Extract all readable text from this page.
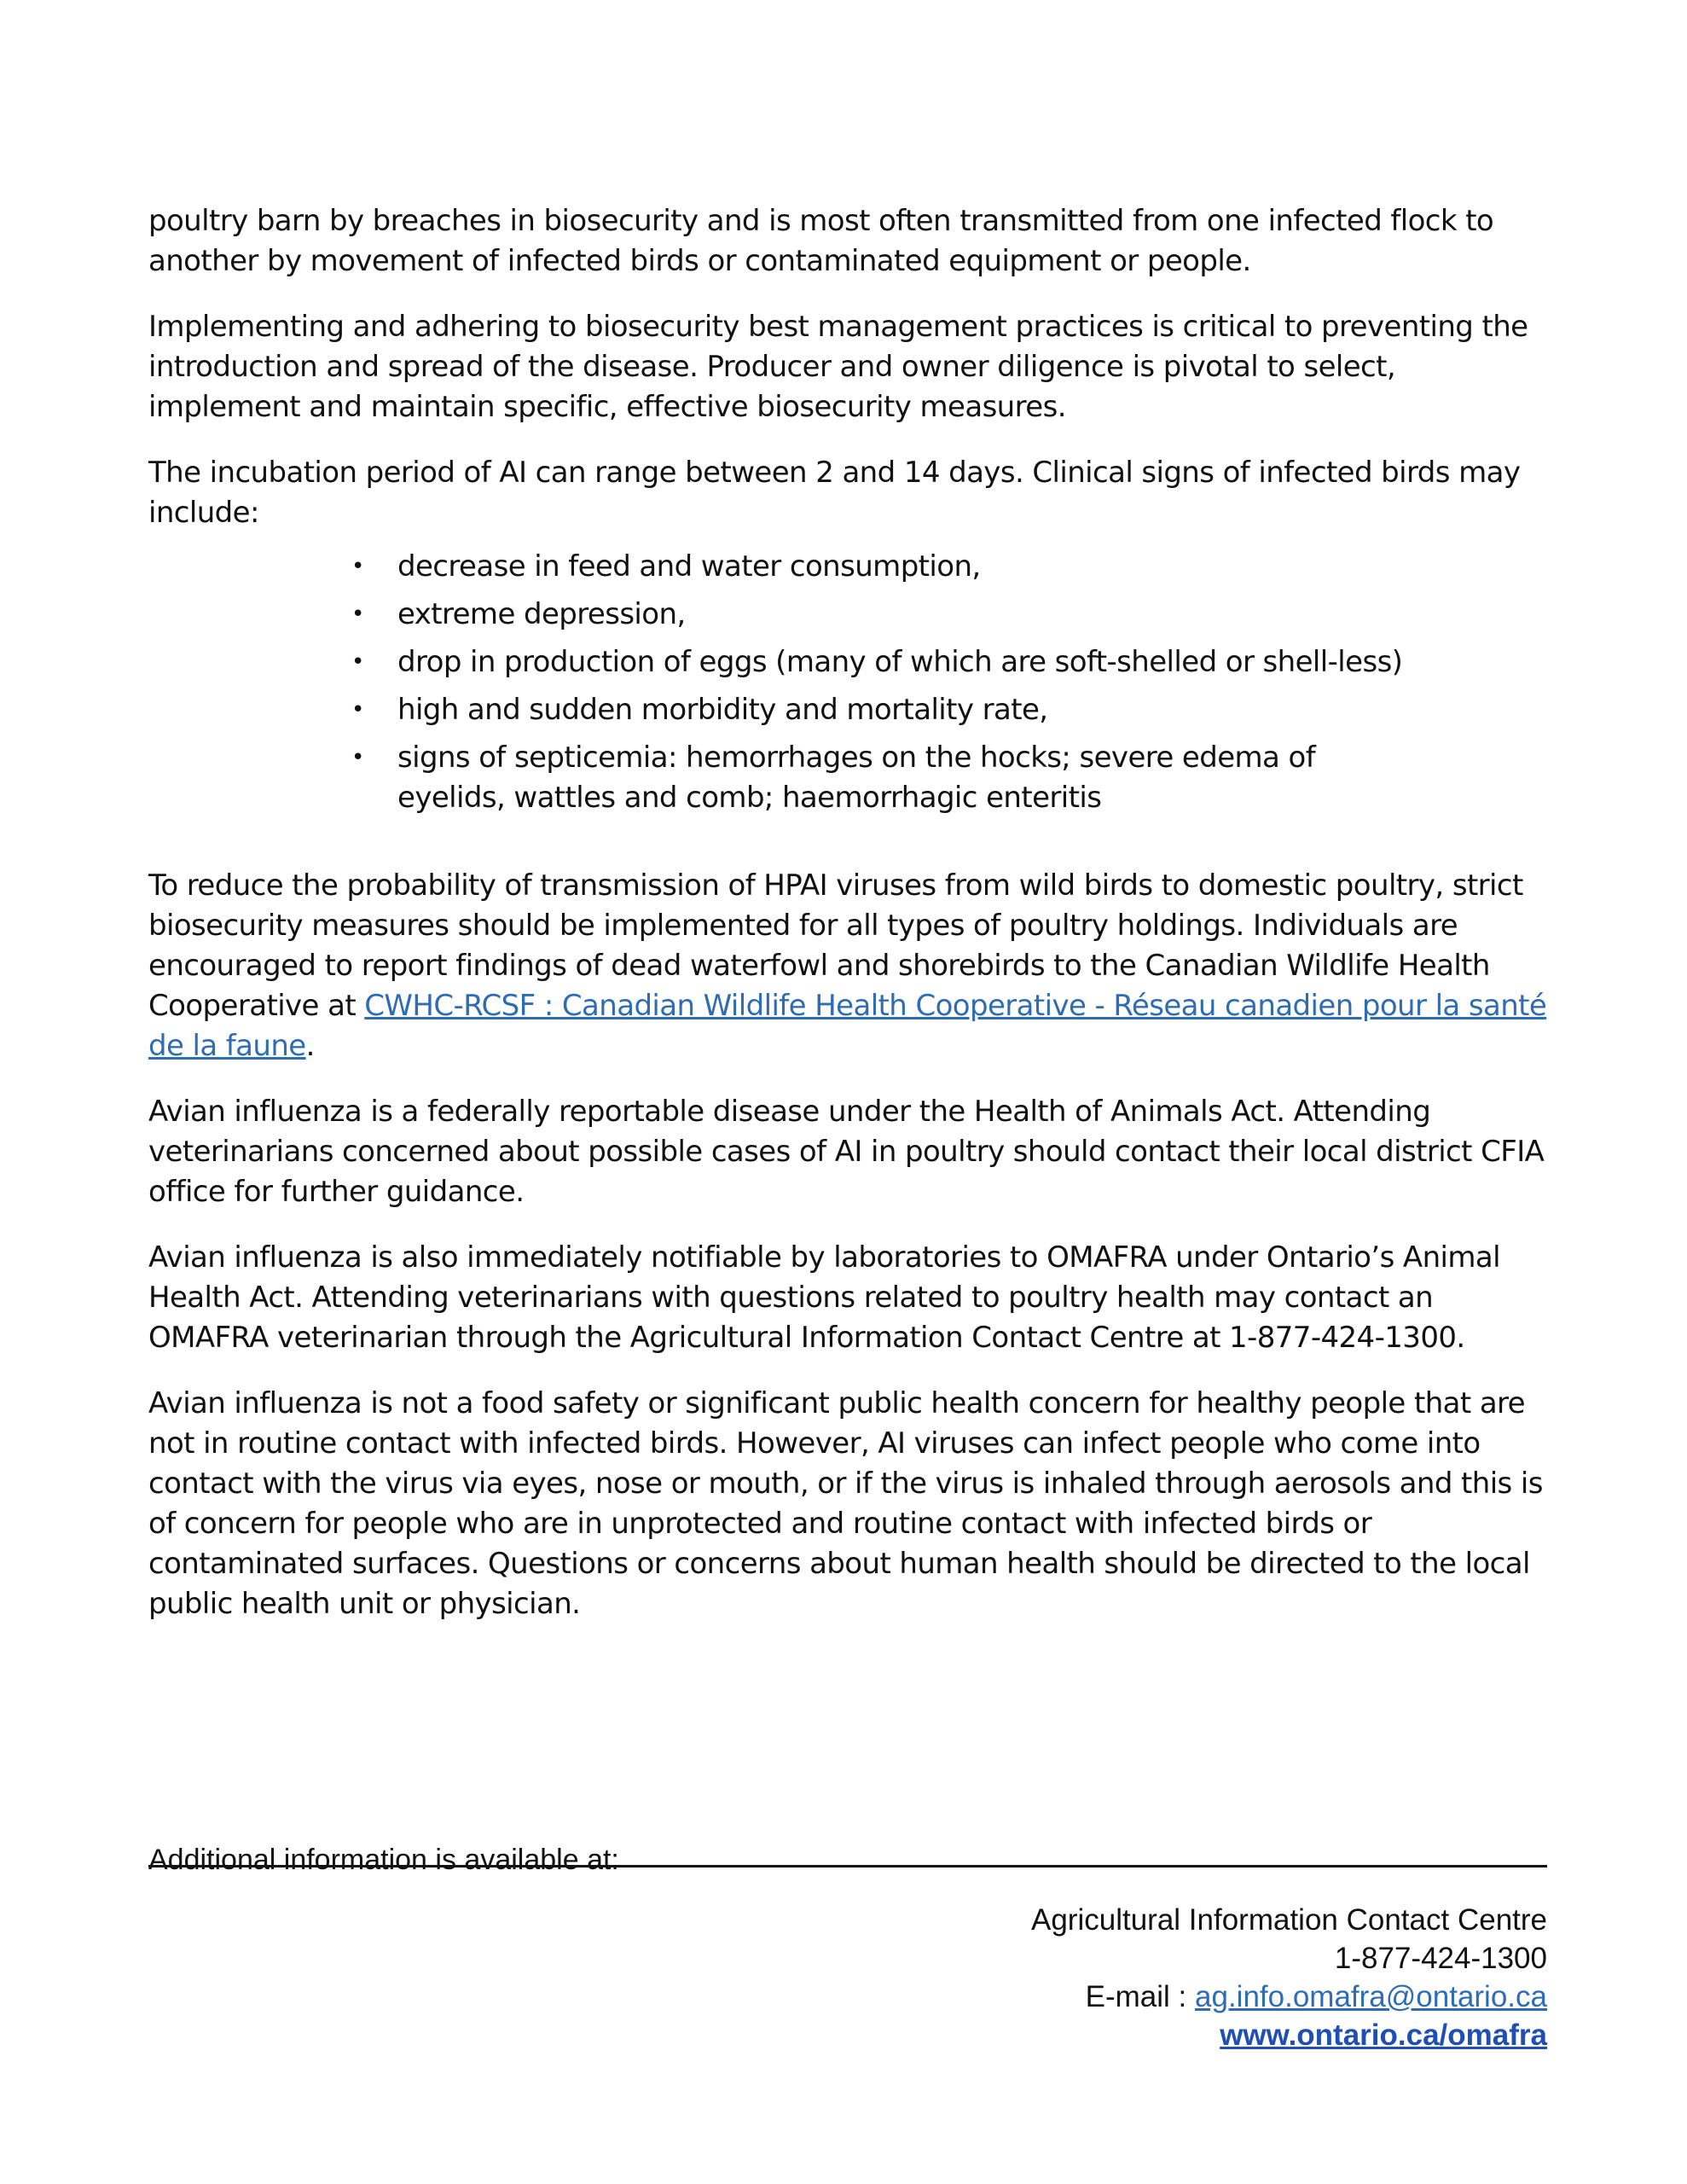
poultry barn by breaches in biosecurity and is most often transmitted from one infected flock to another by movement of infected birds or contaminated equipment or people.

Implementing and adhering to biosecurity best management practices is critical to preventing the introduction and spread of the disease. Producer and owner diligence is pivotal to select, implement and maintain specific, effective biosecurity measures.

The incubation period of AI can range between 2 and 14 days. Clinical signs of infected birds may include:

• decrease in feed and water consumption,
• extreme depression,
• drop in production of eggs (many of which are soft-shelled or shell-less)
• high and sudden morbidity and mortality rate,
• signs of septicemia: hemorrhages on the hocks; severe edema of eyelids, wattles and comb; haemorrhagic enteritis

To reduce the probability of transmission of HPAI viruses from wild birds to domestic poultry, strict biosecurity measures should be implemented for all types of poultry holdings. Individuals are encouraged to report findings of dead waterfowl and shorebirds to the Canadian Wildlife Health Cooperative at CWHC-RCSF : Canadian Wildlife Health Cooperative - Réseau canadien pour la santé de la faune.

Avian influenza is a federally reportable disease under the Health of Animals Act. Attending veterinarians concerned about possible cases of AI in poultry should contact their local district CFIA office for further guidance.

Avian influenza is also immediately notifiable by laboratories to OMAFRA under Ontario’s Animal Health Act. Attending veterinarians with questions related to poultry health may contact an OMAFRA veterinarian through the Agricultural Information Contact Centre at 1-877-424-1300.

Avian influenza is not a food safety or significant public health concern for healthy people that are not in routine contact with infected birds. However, AI viruses can infect people who come into contact with the virus via eyes, nose or mouth, or if the virus is inhaled through aerosols and this is of concern for people who are in unprotected and routine contact with infected birds or contaminated surfaces. Questions or concerns about human health should be directed to the local public health unit or physician.

Additional information is available at:
Agricultural Information Contact Centre
1-877-424-1300
E-mail : ag.info.omafra@ontario.ca
www.ontario.ca/omafra
